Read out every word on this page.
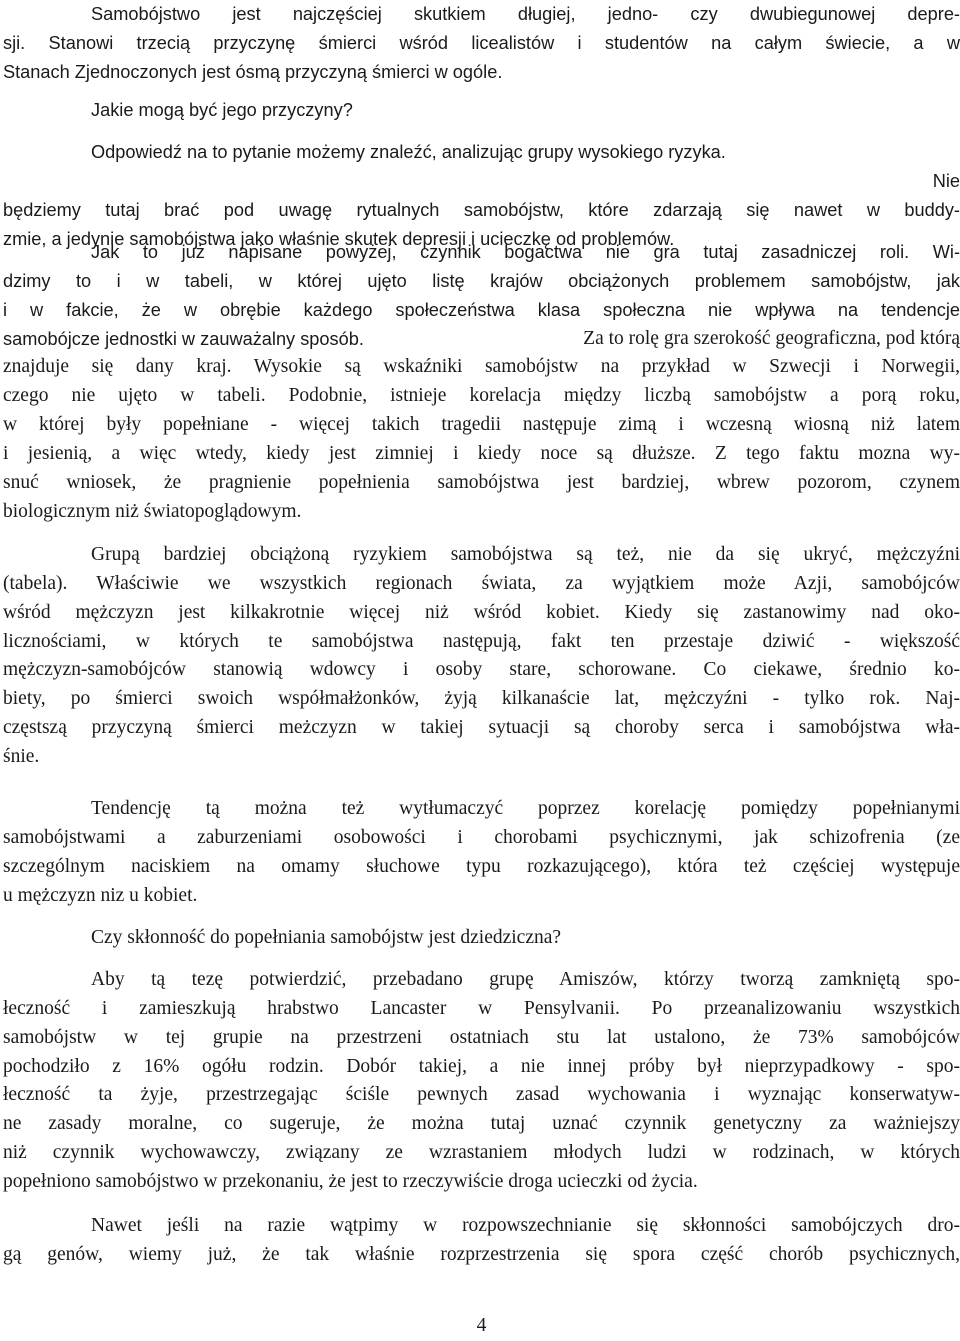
Samobójstwo jest najczęściej skutkiem długiej, jedno- czy dwubiegunowej depre-
sji. Stanowi trzecią przyczynę śmierci wśród licealistów i studentów na całym świecie, a w
Stanach Zjednoczonych jest ósmą przyczyną śmierci w ogóle.
Jakie mogą być jego przyczyny?
Odpowiedź na to pytanie możemy znaleźć, analizując grupy wysokiego ryzyka.
Nie
będziemy tutaj brać pod uwagę rytualnych samobójstw, które zdarzają się nawet w buddy-
zmie, a jedynie samobójstwa jako właśnie skutek depresji i ucieczkę od problemów.
Jak to już napisane powyżej, czynnik bogactwa nie gra tutaj zasadniczej roli. Wi-
dzimy to i w tabeli, w której ujęto listę krajów obciążonych problemem samobójstw, jak
i w fakcie, że w obrębie każdego społeczeństwa klasa społeczna nie wpływa na tendencje
samobójcze jednostki w zauważalny sposób.	Za to rolę gra szerokość geograficzna, pod którą
znajduje się dany kraj. Wysokie są wskaźniki samobójstw na przykład w Szwecji i Norwegii,
czego nie ujęto w tabeli. Podobnie, istnieje korelacja między liczbą samobójstw a porą roku,
w której były popełniane - więcej takich tragedii następuje zimą i wczesną wiosną niż latem
i jesienią, a więc wtedy, kiedy jest zimniej i kiedy noce są dłuższe. Z tego faktu mozna wy-
snuć wniosek, że pragnienie popełnienia samobójstwa jest bardziej, wbrew pozorom, czynem
biologicznym niż światopoglądowym.
Grupą bardziej obciążoną ryzykiem samobójstwa są też, nie da się ukryć, mężczyźni
(tabela). Właściwie we wszystkich regionach świata, za wyjątkiem może Azji, samobójców
wśród mężczyzn jest kilkakrotnie więcej niż wśród kobiet. Kiedy się zastanowimy nad oko-
licznościami, w których te samobójstwa następują, fakt ten przestaje dziwić - większość
mężczyzn-samobójców stanowią wdowcy i osoby stare, schorowane. Co ciekawe, średnio ko-
biety, po śmierci swoich współmałżonków, żyją kilkanaście lat, mężczyźni - tylko rok. Naj-
częstszą przyczyną śmierci meżczyzn w takiej sytuacji są choroby serca i samobójstwa wła-
śnie.
Tendencję tą można też wytłumaczyć poprzez korelację pomiędzy popełnianymi
samobójstwami a zaburzeniami osobowości i chorobami psychicznymi, jak schizofrenia (ze
szczególnym naciskiem na omamy słuchowe typu rozkazującego), która też częściej występuje
u mężczyzn niz u kobiet.
Czy skłonność do popełniania samobójstw jest dziedziczna?
Aby tą tezę potwierdzić, przebadano grupę Amiszów, którzy tworzą zamkniętą spo-
łeczność i zamieszkują hrabstwo Lancaster w Pensylvanii. Po przeanalizowaniu wszystkich
samobójstw w tej grupie na przestrzeni ostatniach stu lat ustalono, że 73% samobójców
pochodziło z 16% ogółu rodzin. Dobór takiej, a nie innej próby był nieprzypadkowy - spo-
łeczność ta żyje, przestrzegając ściśle pewnych zasad wychowania i wyznając konserwatyw-
ne zasady moralne, co sugeruje, że można tutaj uznać czynnik genetyczny za ważniejszy
niż czynnik wychowawczy, związany ze wzrastaniem młodych ludzi w rodzinach, w których
popełniono samobójstwo w przekonaniu, że jest to rzeczywiście droga ucieczki od życia.
Nawet jeśli na razie wątpimy w rozpowszechnianie się skłonności samobójczych dro-
gą genów, wiemy już, że tak właśnie rozprzestrzenia się spora część chorób psychicznych,
4
